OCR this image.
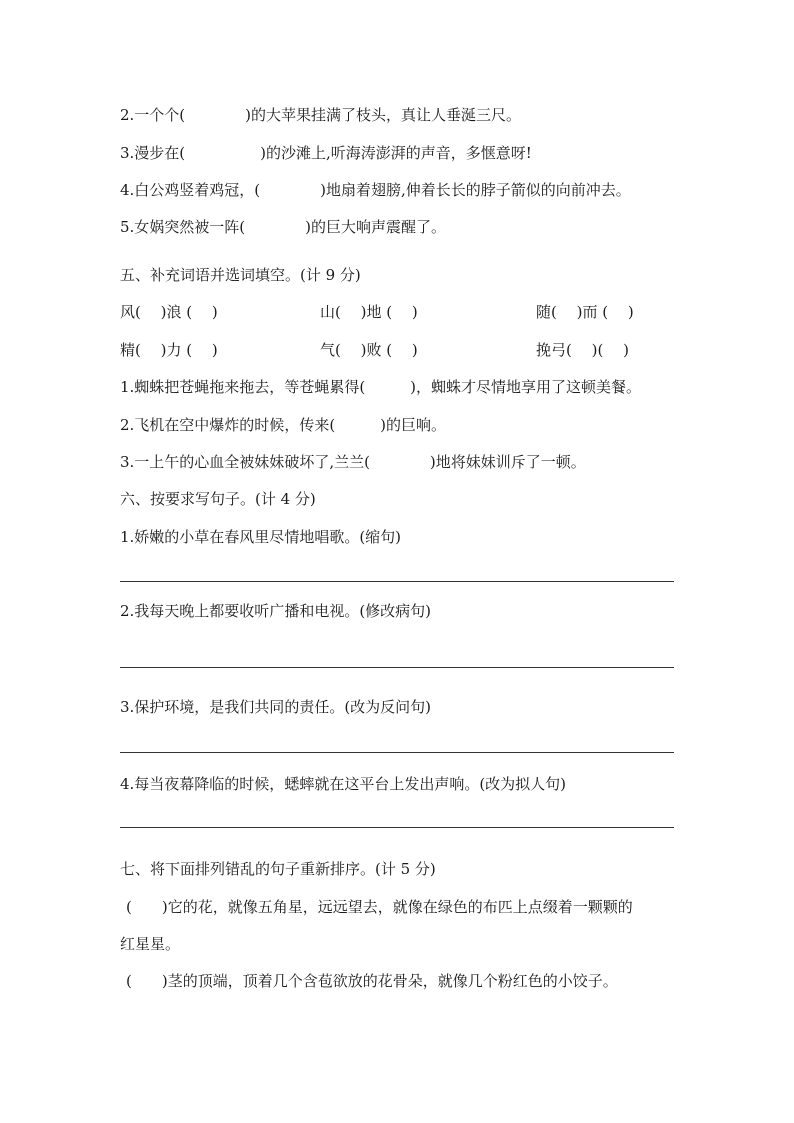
2.一个个(　　　　)的大苹果挂满了枝头，真让人垂涎三尺。
3.漫步在(　　　　　)的沙滩上,听海涛澎湃的声音，多惬意呀!
4.白公鸡竖着鸡冠，(　　　　)地扇着翅膀,伸着长长的脖子箭似的向前冲去。
5.女娲突然被一阵(　　　　)的巨大响声震醒了。
五、补充词语并选词填空。(计 9 分)
风(　 )浪 (　 )	山(　 )地 (　 )	随(　 )而 (　 )
精(　 )力 (　 )	气(　 )败 (　 )	挽弓(　 )(　 )
1.蜘蛛把苍蝇拖来拖去，等苍蝇累得(　　　)，蜘蛛才尽情地享用了这顿美餐。
2.飞机在空中爆炸的时候，传来(　　　)的巨响。
3.一上午的心血全被妹妹破坏了,兰兰(　　　　)地将妹妹训斥了一顿。
六、按要求写句子。(计 4 分)
1.娇嫩的小草在春风里尽情地唱歌。(缩句)
2.我每天晚上都要收听广播和电视。(修改病句)
3.保护环境，是我们共同的责任。(改为反问句)
4.每当夜幕降临的时候，蟋蟀就在这平台上发出声响。(改为拟人句)
七、将下面排列错乱的句子重新排序。(计 5 分)
(　　)它的花，就像五角星，远远望去，就像在绿色的布匹上点缀着一颗颗的
红星星。
(　　)茎的顶端，顶着几个含苞欲放的花骨朵，就像几个粉红色的小饺子。
